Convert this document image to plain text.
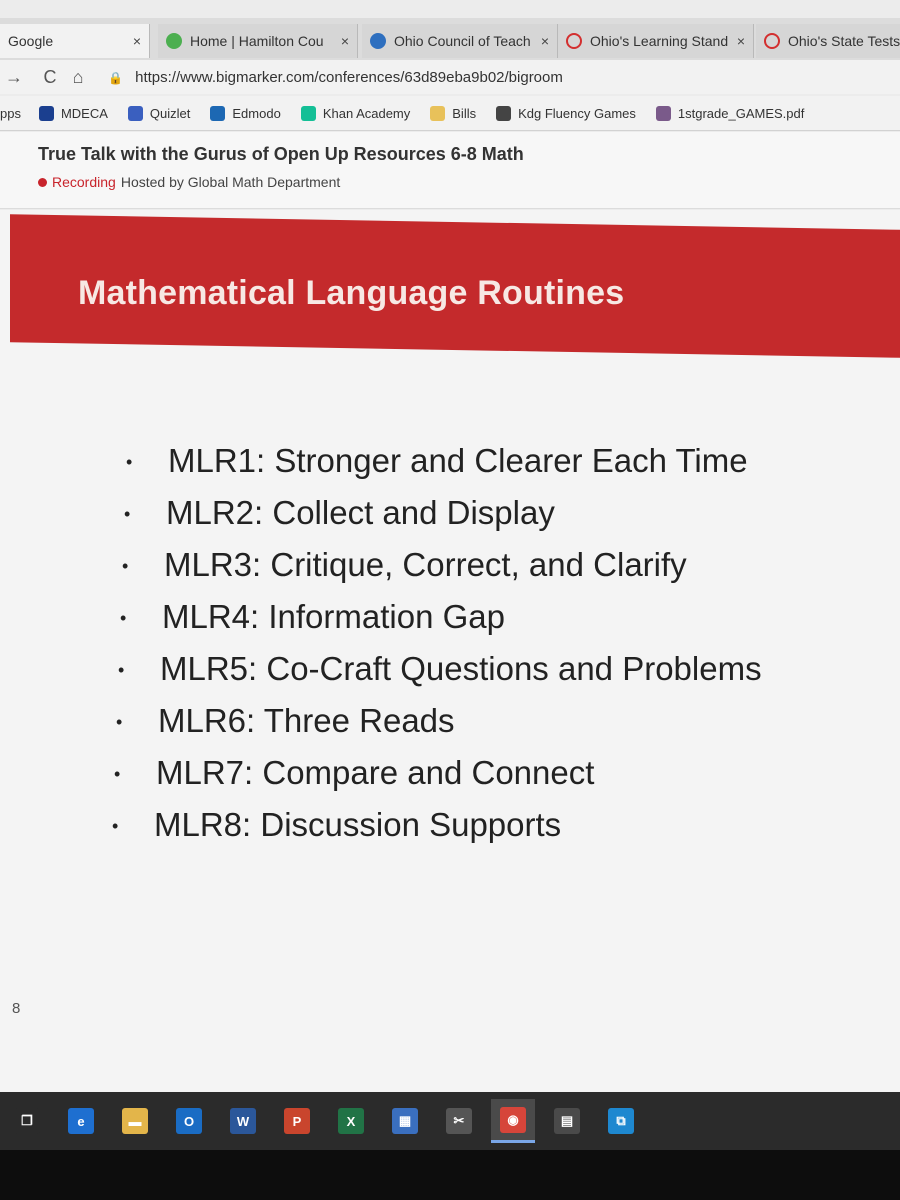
Google	×	Home | Hamilton Cou	×	Ohio Council of Teach ×	Ohio's Learning Stand ×	Ohio's State Tests
→	C ⌂	🔒 https://www.bigmarker.com/conferences/63d89eba9b02/bigroom
pps	MDECA	Quizlet	Edmodo	Khan Academy	Bills	Kdg Fluency Games	1stgrade_GAMES.pdf
True Talk with the Gurus of Open Up Resources 6-8 Math
Recording Hosted by Global Math Department
Mathematical Language Routines
• MLR1: Stronger and Clearer Each Time
• MLR2: Collect and Display
• MLR3: Critique, Correct, and Clarify
• MLR4: Information Gap
• MLR5: Co-Craft Questions and Problems
• MLR6: Three Reads
• MLR7: Compare and Connect
• MLR8: Discussion Supports
8
❐	e	▬	O	W	P	X	▦	✂	◉	▤	⧉
